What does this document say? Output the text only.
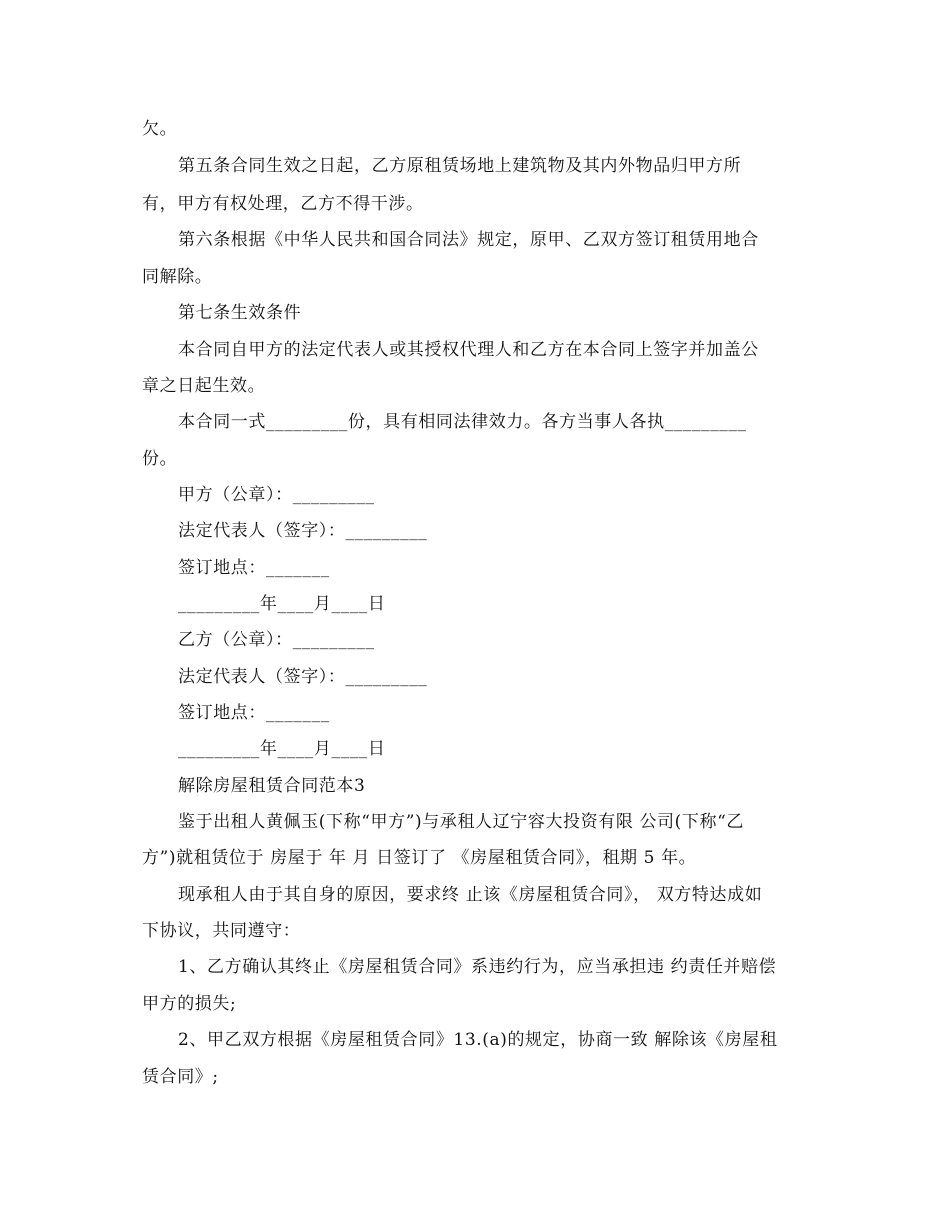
欠。
第五条合同生效之日起，乙方原租赁场地上建筑物及其内外物品归甲方所
有，甲方有权处理，乙方不得干涉。
第六条根据《中华人民共和国合同法》规定，原甲、乙双方签订租赁用地合
同解除。
第七条生效条件
本合同自甲方的法定代表人或其授权代理人和乙方在本合同上签字并加盖公
章之日起生效。
本合同一式_________份，具有相同法律效力。各方当事人各执_________
份。
甲方（公章）：_________
法定代表人（签字）：_________
签订地点：_______
_________年____月____日
乙方（公章）：_________
法定代表人（签字）：_________
签订地点：_______
_________年____月____日
解除房屋租赁合同范本3
鉴于出租人黄佩玉(下称“甲方”)与承租人辽宁容大投资有限 公司(下称“乙
方”)就租赁位于 房屋于 年 月 日签订了 《房屋租赁合同》，租期 5 年。
现承租人由于其自身的原因，要求终 止该《房屋租赁合同》， 双方特达成如
下协议，共同遵守：
1、乙方确认其终止《房屋租赁合同》系违约行为，应当承担违 约责任并赔偿
甲方的损失;
2、甲乙双方根据《房屋租赁合同》13.(a)的规定，协商一致 解除该《房屋租
赁合同》;
